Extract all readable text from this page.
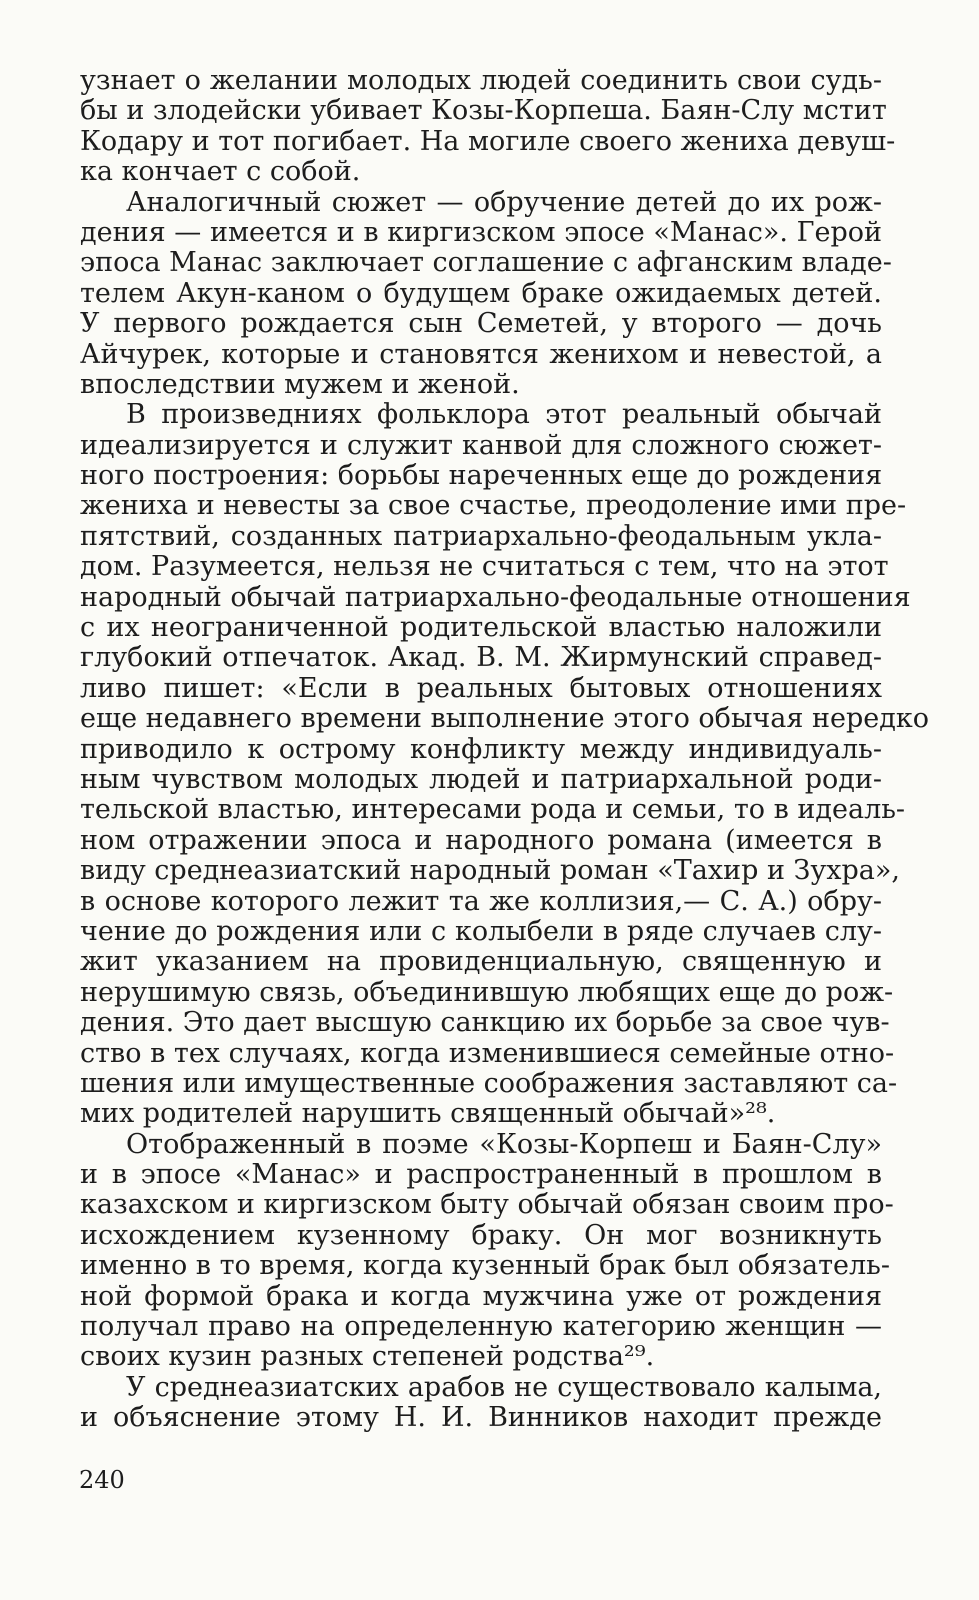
узнает о желании молодых людей соединить свои судь-
бы и злодейски убивает Козы-Корпеша. Баян-Слу мстит
Кодару и тот погибает. На могиле своего жениха девуш-
ка кончает с собой.
Аналогичный сюжет — обручение детей до их рож-
дения — имеется и в киргизском эпосе «Манас». Герой
эпоса Манас заключает соглашение с афганским владе-
телем Акун-каном о будущем браке ожидаемых детей.
У первого рождается сын Семетей, у второго — дочь
Айчурек, которые и становятся женихом и невестой, а
впоследствии мужем и женой.
В произведниях фольклора этот реальный обычай
идеализируется и служит канвой для сложного сюжет-
ного построения: борьбы нареченных еще до рождения
жениха и невесты за свое счастье, преодоление ими пре-
пятствий, созданных патриархально-феодальным укла-
дом. Разумеется, нельзя не считаться с тем, что на этот
народный обычай патриархально-феодальные отношения
с их неограниченной родительской властью наложили
глубокий отпечаток. Акад. В. М. Жирмунский справед-
ливо пишет: «Если в реальных бытовых отношениях
еще недавнего времени выполнение этого обычая нередко
приводило к острому конфликту между индивидуаль-
ным чувством молодых людей и патриархальной роди-
тельской властью, интересами рода и семьи, то в идеаль-
ном отражении эпоса и народного романа (имеется в
виду среднеазиатский народный роман «Тахир и Зухра»,
в основе которого лежит та же коллизия,— С. А.) обру-
чение до рождения или с колыбели в ряде случаев слу-
жит указанием на провиденциальную, священную и
нерушимую связь, объединившую любящих еще до рож-
дения. Это дает высшую санкцию их борьбе за свое чув-
ство в тех случаях, когда изменившиеся семейные отно-
шения или имущественные соображения заставляют са-
мих родителей нарушить священный обычай»²⁸.
Отображенный в поэме «Козы-Корпеш и Баян-Слу»
и в эпосе «Манас» и распространенный в прошлом в
казахском и киргизском быту обычай обязан своим про-
исхождением кузенному браку. Он мог возникнуть
именно в то время, когда кузенный брак был обязатель-
ной формой брака и когда мужчина уже от рождения
получал право на определенную категорию женщин —
своих кузин разных степеней родства²⁹.
У среднеазиатских арабов не существовало калыма,
и объяснение этому Н. И. Винников находит прежде
240
